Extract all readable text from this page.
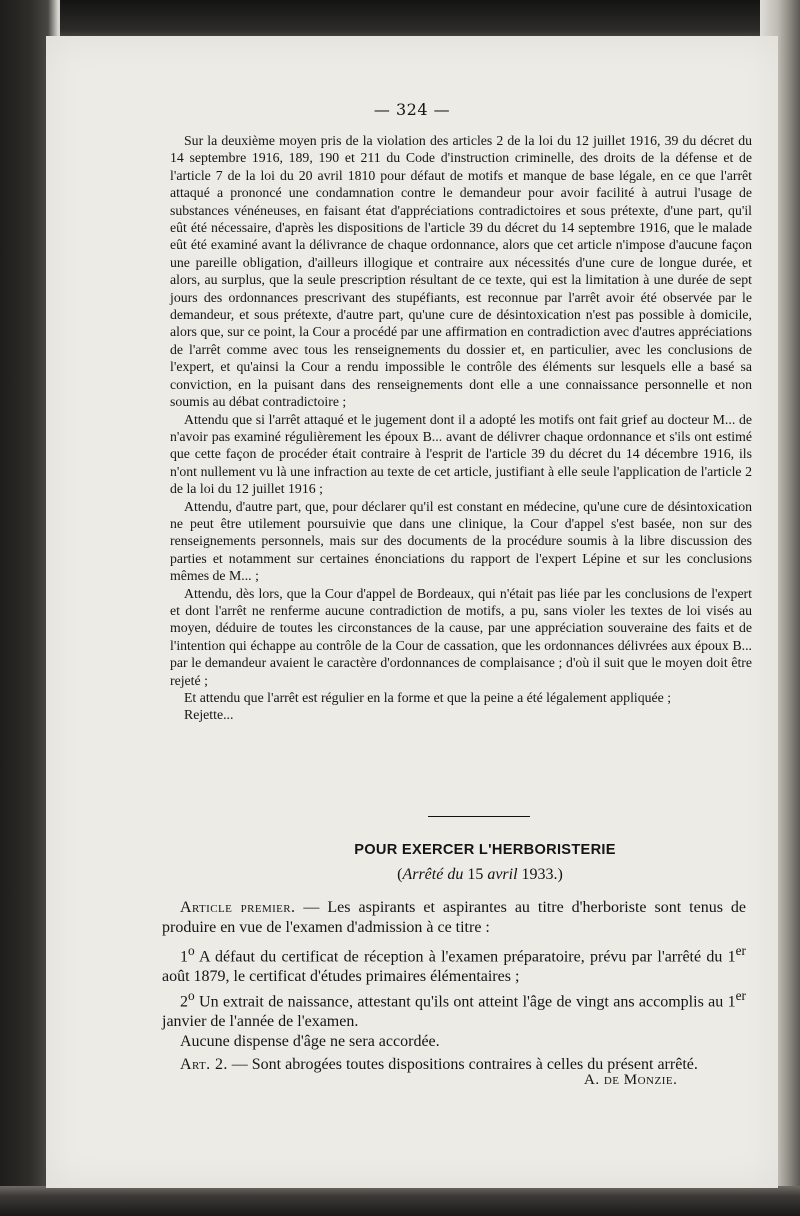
— 324 —

Sur la deuxième moyen pris de la violation des articles 2 de la loi du 12 juillet 1916, 39 du décret du 14 septembre 1916, 189, 190 et 211 du Code d'instruction criminelle, des droits de la défense et de l'article 7 de la loi du 20 avril 1810 pour défaut de motifs et manque de base légale, en ce que l'arrêt attaqué a prononcé une condamnation contre le demandeur pour avoir facilité à autrui l'usage de substances vénéneuses, en faisant état d'appréciations contradictoires et sous prétexte, d'une part, qu'il eût été nécessaire, d'après les dispositions de l'article 39 du décret du 14 septembre 1916, que le malade eût été examiné avant la délivrance de chaque ordonnance, alors que cet article n'impose d'aucune façon une pareille obligation, d'ailleurs illogique et contraire aux nécessités d'une cure de longue durée, et alors, au surplus, que la seule prescription résultant de ce texte, qui est la limitation à une durée de sept jours des ordonnances prescrivant des stupéfiants, est reconnue par l'arrêt avoir été observée par le demandeur, et sous prétexte, d'autre part, qu'une cure de désintoxication n'est pas possible à domicile, alors que, sur ce point, la Cour a procédé par une affirmation en contradiction avec d'autres appréciations de l'arrêt comme avec tous les renseignements du dossier et, en particulier, avec les conclusions de l'expert, et qu'ainsi la Cour a rendu impossible le contrôle des éléments sur lesquels elle a basé sa conviction, en la puisant dans des renseignements dont elle a une connaissance personnelle et non soumis au débat contradictoire ;

Attendu que si l'arrêt attaqué et le jugement dont il a adopté les motifs ont fait grief au docteur M... de n'avoir pas examiné régulièrement les époux B... avant de délivrer chaque ordonnance et s'ils ont estimé que cette façon de procéder était contraire à l'esprit de l'article 39 du décret du 14 décembre 1916, ils n'ont nullement vu là une infraction au texte de cet article, justifiant à elle seule l'application de l'article 2 de la loi du 12 juillet 1916 ;

Attendu, d'autre part, que, pour déclarer qu'il est constant en médecine, qu'une cure de désintoxication ne peut être utilement poursuivie que dans une clinique, la Cour d'appel s'est basée, non sur des renseignements personnels, mais sur des documents de la procédure soumis à la libre discussion des parties et notamment sur certaines énonciations du rapport de l'expert Lépine et sur les conclusions mêmes de M... ;

Attendu, dès lors, que la Cour d'appel de Bordeaux, qui n'était pas liée par les conclusions de l'expert et dont l'arrêt ne renferme aucune contradiction de motifs, a pu, sans violer les textes de loi visés au moyen, déduire de toutes les circonstances de la cause, par une appréciation souveraine des faits et de l'intention qui échappe au contrôle de la Cour de cassation, que les ordonnances délivrées aux époux B... par le demandeur avaient le caractère d'ordonnances de complaisance ; d'où il suit que le moyen doit être rejeté ;

Et attendu que l'arrêt est régulier en la forme et que la peine a été légalement appliquée ;

Rejette...

POUR EXERCER L'HERBORISTERIE
(Arrêté du 15 avril 1933.)

Article premier. — Les aspirants et aspirantes au titre d'herboriste sont tenus de produire en vue de l'examen d'admission à ce titre :

1$^o$ A défaut du certificat de réception à l'examen préparatoire, prévu par l'arrêté du 1er août 1879, le certificat d'études primaires élémentaires ;

2$^o$ Un extrait de naissance, attestant qu'ils ont atteint l'âge de vingt ans accomplis au 1er janvier de l'année de l'examen.

Aucune dispense d'âge ne sera accordée.

Art. 2. — Sont abrogées toutes dispositions contraires à celles du présent arrêté.

A. de Monzie.
